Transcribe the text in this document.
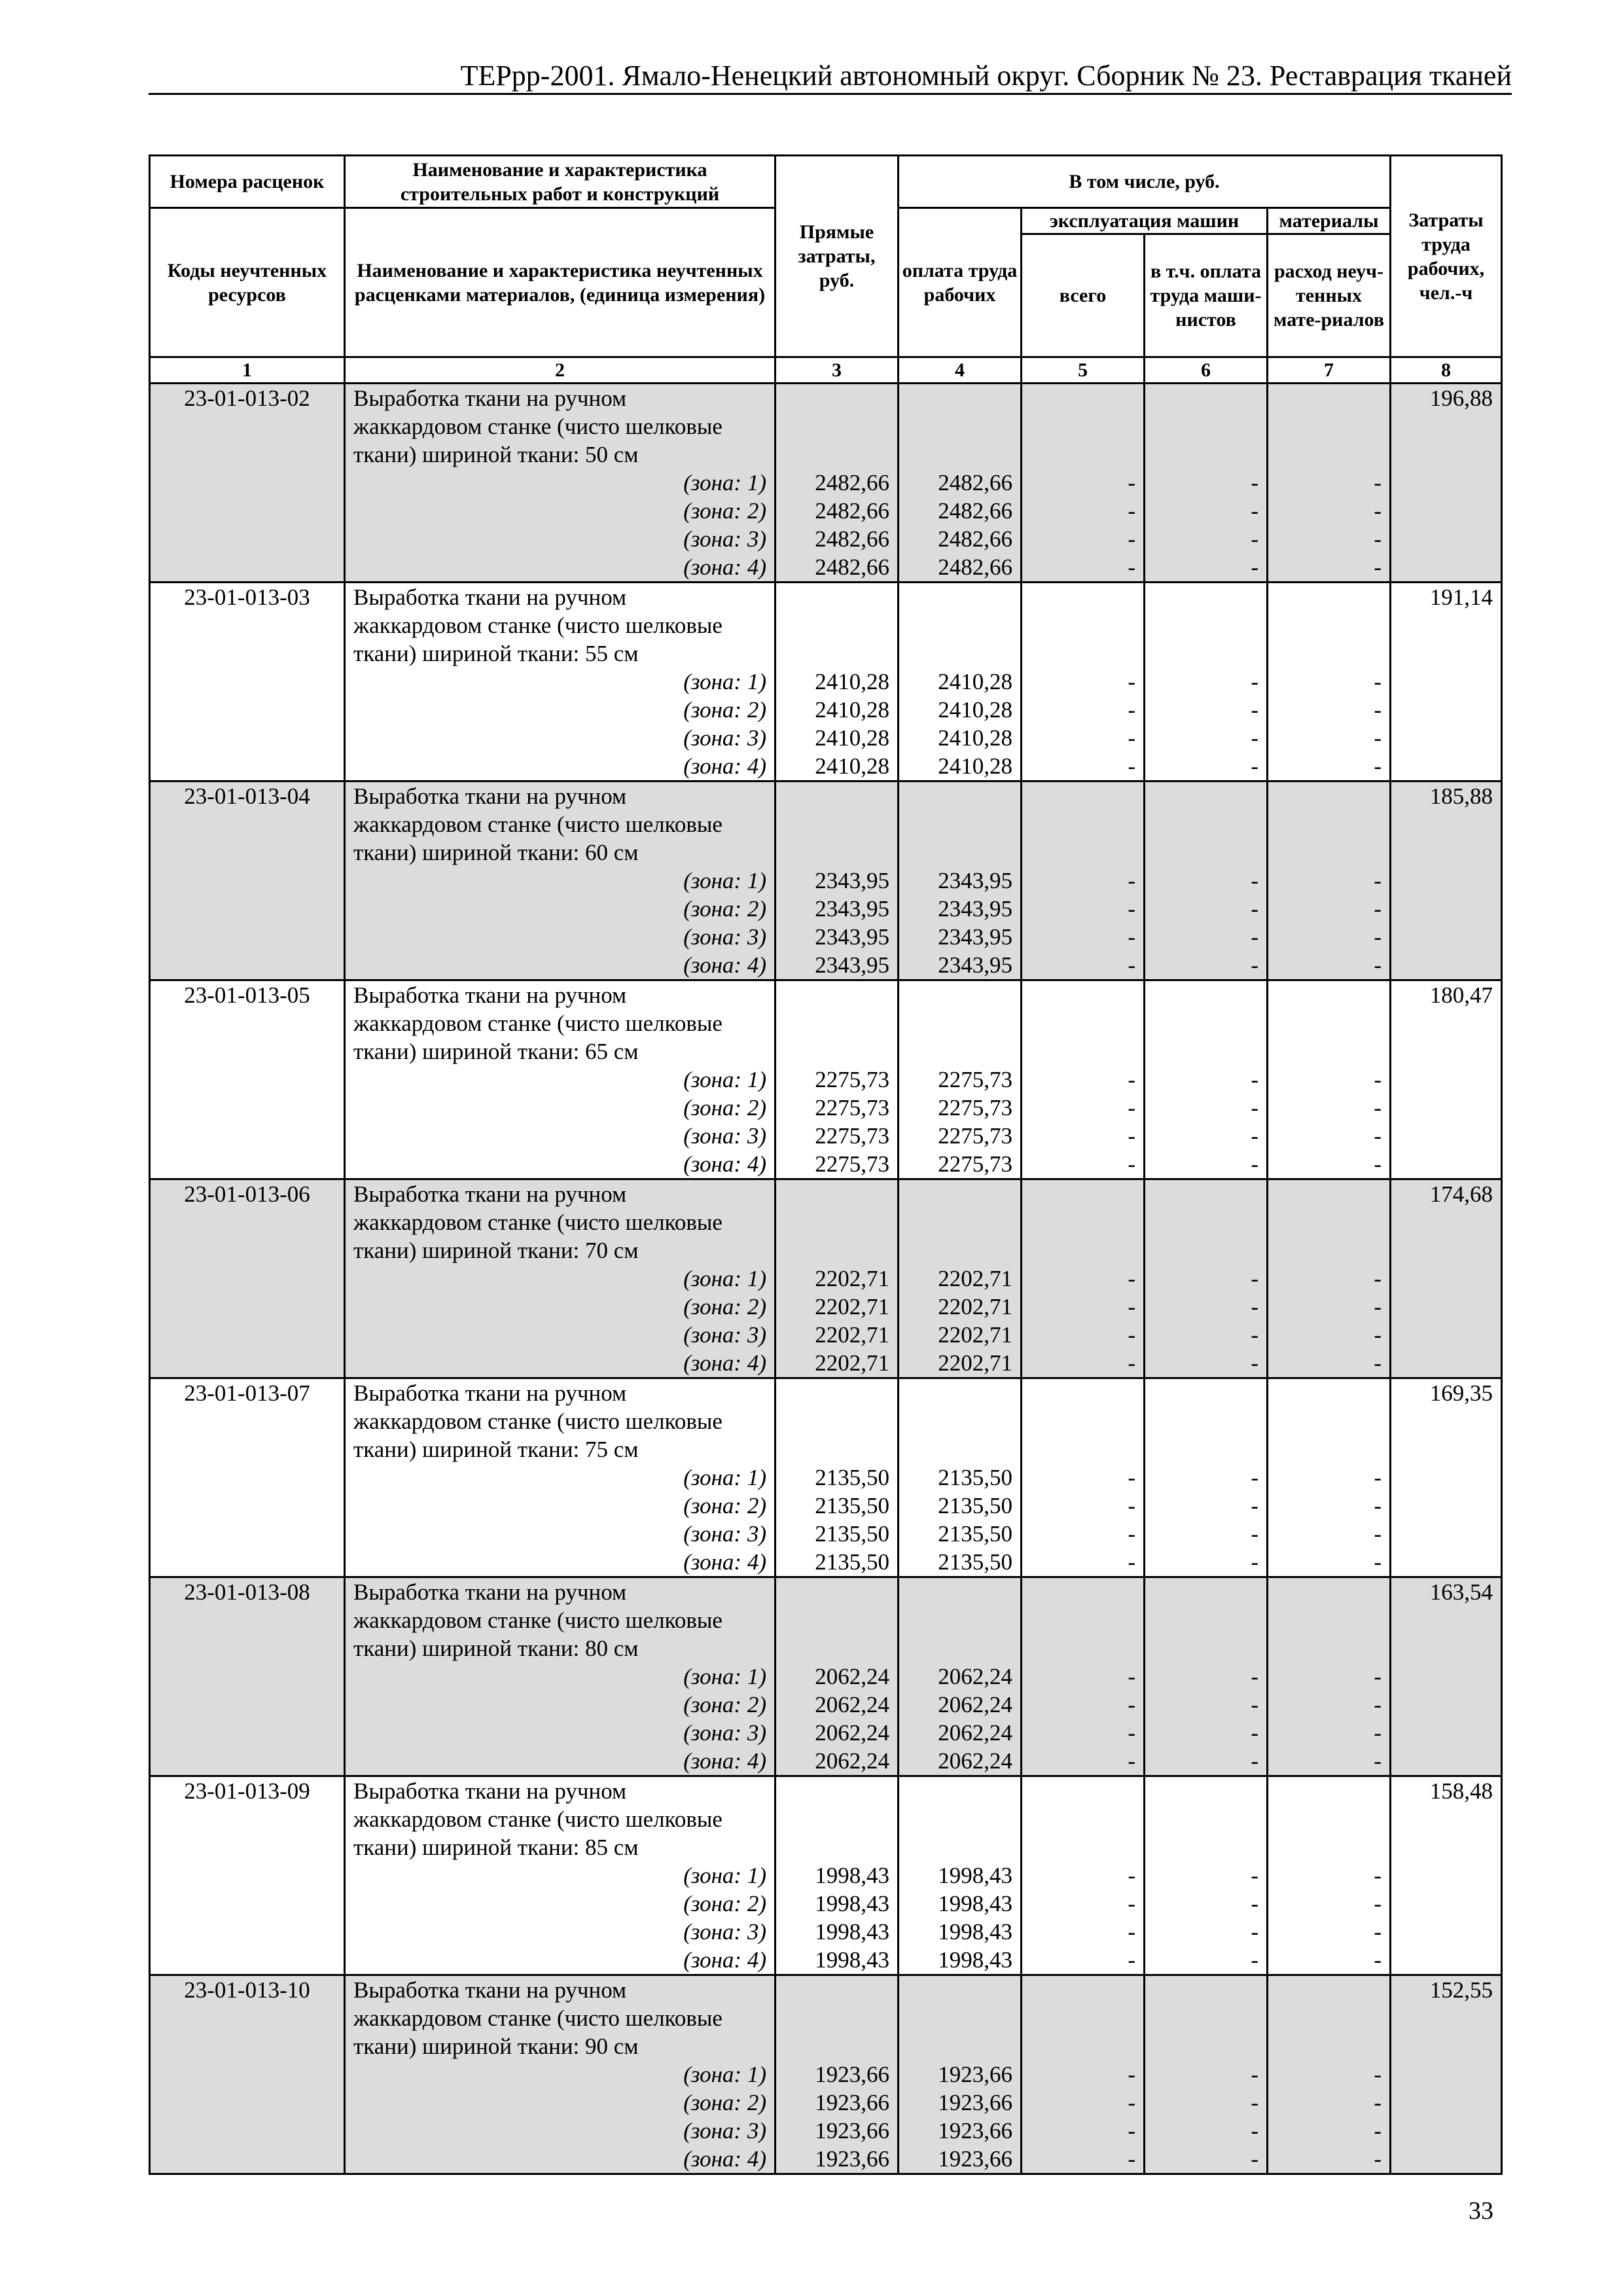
ТЕРрр-2001. Ямало-Ненецкий автономный округ. Сборник № 23. Реставрация тканей
Номера расценок	Наименование и характеристика строительных работ и конструкций	Прямые затраты, руб.	В том числе, руб.				Затраты труда рабочих, чел.-ч
Коды неучтенных ресурсов	Наименование и характеристика неучтенных расценками материалов, (единица измерения)		оплата труда рабочих	эксплуатация машин		материалы	
				всего	в т.ч. оплата труда маши-нистов	расход неуч-тенных мате-риалов	
1	2	3	4	5	6	7	8
23-01-013-02	Выработка ткани на ручном						196,88
	жаккардовом станке (чисто шелковые						
	ткани) шириной ткани: 50 см						
	(зона: 1)	2482,66	2482,66	-	-	-	
	(зона: 2)	2482,66	2482,66	-	-	-	
	(зона: 3)	2482,66	2482,66	-	-	-	
	(зона: 4)	2482,66	2482,66	-	-	-	
23-01-013-03	Выработка ткани на ручном						191,14
	жаккардовом станке (чисто шелковые						
	ткани) шириной ткани: 55 см						
	(зона: 1)	2410,28	2410,28	-	-	-	
	(зона: 2)	2410,28	2410,28	-	-	-	
	(зона: 3)	2410,28	2410,28	-	-	-	
	(зона: 4)	2410,28	2410,28	-	-	-	
23-01-013-04	Выработка ткани на ручном						185,88
	жаккардовом станке (чисто шелковые						
	ткани) шириной ткани: 60 см						
	(зона: 1)	2343,95	2343,95	-	-	-	
	(зона: 2)	2343,95	2343,95	-	-	-	
	(зона: 3)	2343,95	2343,95	-	-	-	
	(зона: 4)	2343,95	2343,95	-	-	-	
23-01-013-05	Выработка ткани на ручном						180,47
	жаккардовом станке (чисто шелковые						
	ткани) шириной ткани: 65 см						
	(зона: 1)	2275,73	2275,73	-	-	-	
	(зона: 2)	2275,73	2275,73	-	-	-	
	(зона: 3)	2275,73	2275,73	-	-	-	
	(зона: 4)	2275,73	2275,73	-	-	-	
23-01-013-06	Выработка ткани на ручном						174,68
	жаккардовом станке (чисто шелковые						
	ткани) шириной ткани: 70 см						
	(зона: 1)	2202,71	2202,71	-	-	-	
	(зона: 2)	2202,71	2202,71	-	-	-	
	(зона: 3)	2202,71	2202,71	-	-	-	
	(зона: 4)	2202,71	2202,71	-	-	-	
23-01-013-07	Выработка ткани на ручном						169,35
	жаккардовом станке (чисто шелковые						
	ткани) шириной ткани: 75 см						
	(зона: 1)	2135,50	2135,50	-	-	-	
	(зона: 2)	2135,50	2135,50	-	-	-	
	(зона: 3)	2135,50	2135,50	-	-	-	
	(зона: 4)	2135,50	2135,50	-	-	-	
23-01-013-08	Выработка ткани на ручном						163,54
	жаккардовом станке (чисто шелковые						
	ткани) шириной ткани: 80 см						
	(зона: 1)	2062,24	2062,24	-	-	-	
	(зона: 2)	2062,24	2062,24	-	-	-	
	(зона: 3)	2062,24	2062,24	-	-	-	
	(зона: 4)	2062,24	2062,24	-	-	-	
23-01-013-09	Выработка ткани на ручном						158,48
	жаккардовом станке (чисто шелковые						
	ткани) шириной ткани: 85 см						
	(зона: 1)	1998,43	1998,43	-	-	-	
	(зона: 2)	1998,43	1998,43	-	-	-	
	(зона: 3)	1998,43	1998,43	-	-	-	
	(зона: 4)	1998,43	1998,43	-	-	-	
23-01-013-10	Выработка ткани на ручном						152,55
	жаккардовом станке (чисто шелковые						
	ткани) шириной ткани: 90 см						
	(зона: 1)	1923,66	1923,66	-	-	-	
	(зона: 2)	1923,66	1923,66	-	-	-	
	(зона: 3)	1923,66	1923,66	-	-	-	
	(зона: 4)	1923,66	1923,66	-	-	-	
33
